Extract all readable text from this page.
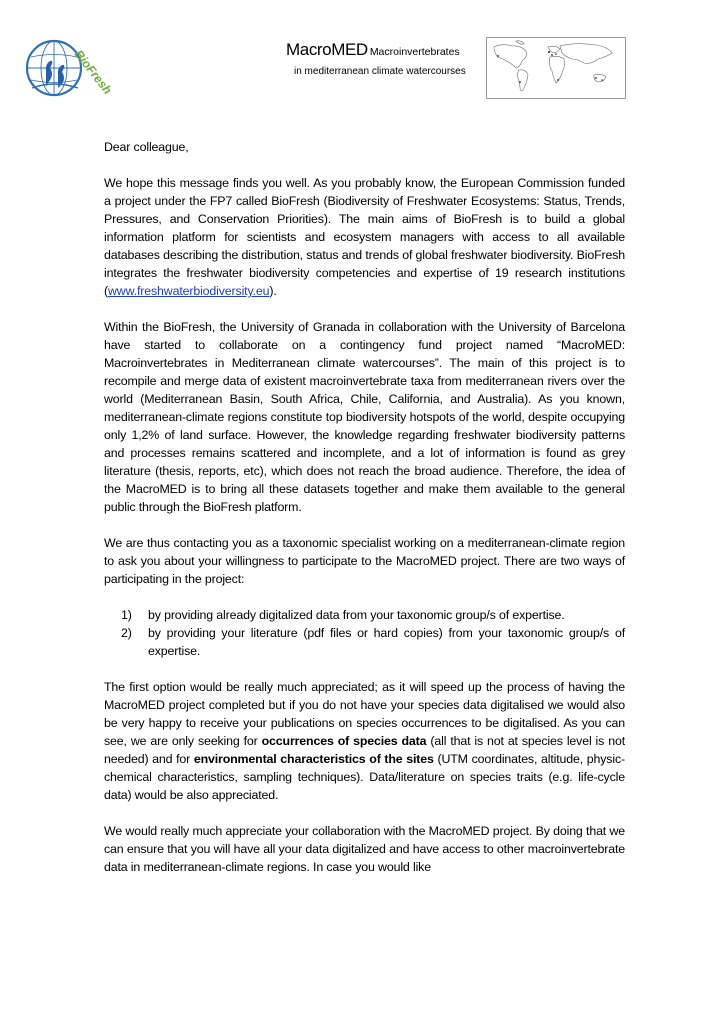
BioFresh	MacroMED Macroinvertebrates
in mediterranean climate watercourses

Dear colleague,

We hope this message finds you well. As you probably know, the European Commission funded a project under the FP7 called BioFresh (Biodiversity of Freshwater Ecosystems: Status, Trends, Pressures, and Conservation Priorities). The main aims of BioFresh is to build a global information platform for scientists and ecosystem managers with access to all available databases describing the distribution, status and trends of global freshwater biodiversity. BioFresh integrates the freshwater biodiversity competencies and expertise of 19 research institutions (www.freshwaterbiodiversity.eu).

Within the BioFresh, the University of Granada in collaboration with the University of Barcelona have started to collaborate on a contingency fund project named “MacroMED: Macroinvertebrates in Mediterranean climate watercourses”. The main of this project is to recompile and merge data of existent macroinvertebrate taxa from mediterranean rivers over the world (Mediterranean Basin, South Africa, Chile, California, and Australia). As you known, mediterranean-climate regions constitute top biodiversity hotspots of the world, despite occupying only 1,2% of land surface. However, the knowledge regarding freshwater biodiversity patterns and processes remains scattered and incomplete, and a lot of information is found as grey literature (thesis, reports, etc), which does not reach the broad audience. Therefore, the idea of the MacroMED is to bring all these datasets together and make them available to the general public through the BioFresh platform.

We are thus contacting you as a taxonomic specialist working on a mediterranean-climate region to ask you about your willingness to participate to the MacroMED project. There are two ways of participating in the project:

1) by providing already digitalized data from your taxonomic group/s of expertise.
2) by providing your literature (pdf files or hard copies) from your taxonomic group/s of expertise.

The first option would be really much appreciated; as it will speed up the process of having the MacroMED project completed but if you do not have your species data digitalised we would also be very happy to receive your publications on species occurrences to be digitalised. As you can see, we are only seeking for occurrences of species data (all that is not at species level is not needed) and for environmental characteristics of the sites (UTM coordinates, altitude, physic-chemical characteristics, sampling techniques). Data/literature on species traits (e.g. life-cycle data) would be also appreciated.

We would really much appreciate your collaboration with the MacroMED project. By doing that we can ensure that you will have all your data digitalized and have access to other macroinvertebrate data in mediterranean-climate regions. In case you would like
